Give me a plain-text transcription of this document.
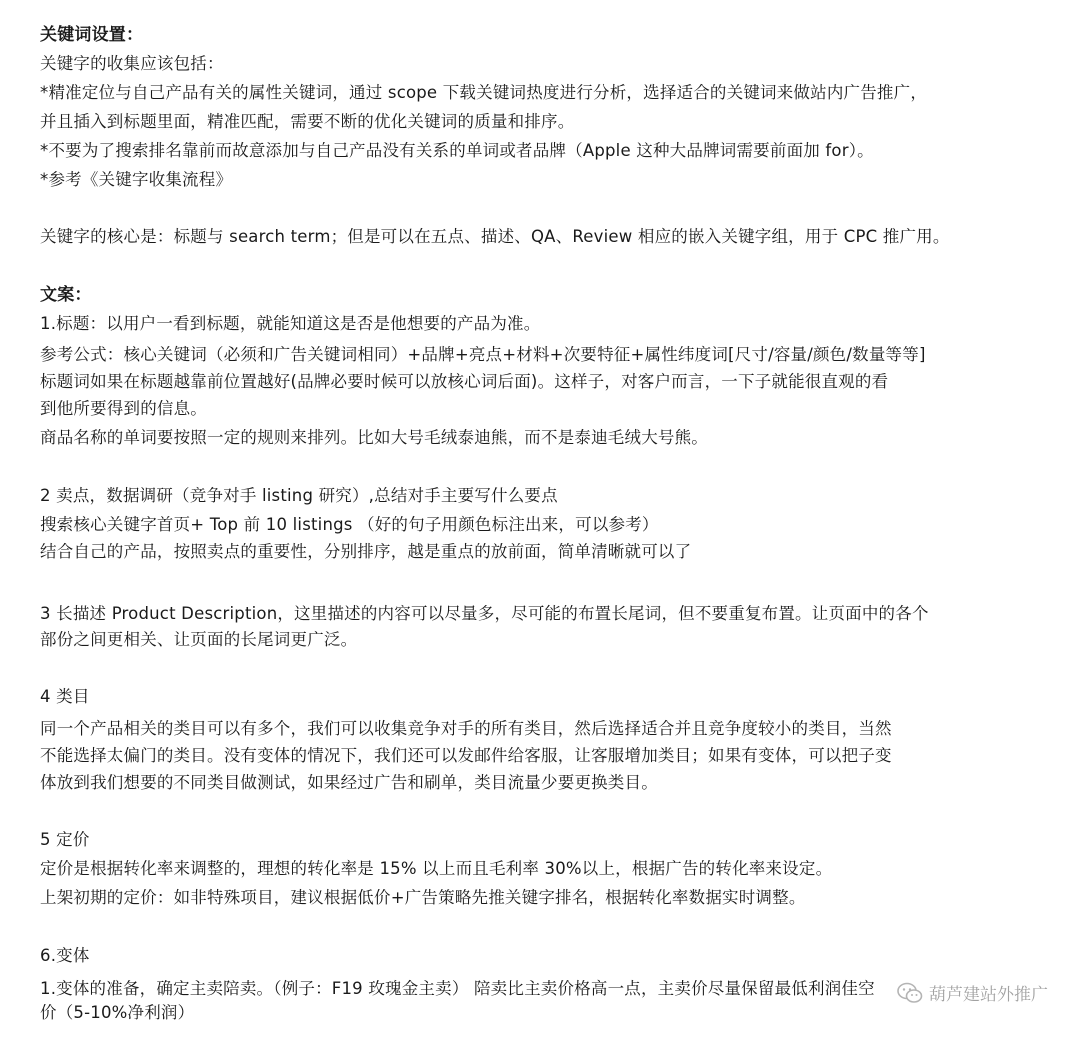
关键词设置：

关键字的收集应该包括：

*精准定位与自己产品有关的属性关键词，通过 scope 下载关键词热度进行分析，选择适合的关键词来做站内广告推广，

并且插入到标题里面，精准匹配，需要不断的优化关键词的质量和排序。

*不要为了搜索排名靠前而故意添加与自己产品没有关系的单词或者品牌（Apple 这种大品牌词需要前面加 for）。

*参考《关键字收集流程》

关键字的核心是：标题与 search term；但是可以在五点、描述、QA、Review 相应的嵌入关键字组，用于 CPC 推广用。

文案：

1.标题：以用户一看到标题，就能知道这是否是他想要的产品为准。

参考公式：核心关键词（必须和广告关键词相同）+品牌+亮点+材料+次要特征+属性纬度词[尺寸/容量/颜色/数量等等]

标题词如果在标题越靠前位置越好(品牌必要时候可以放核心词后面)。这样子，对客户而言，一下子就能很直观的看

到他所要得到的信息。

商品名称的单词要按照一定的规则来排列。比如大号毛绒泰迪熊，而不是泰迪毛绒大号熊。

2 卖点，数据调研（竞争对手 listing 研究）,总结对手主要写什么要点

搜索核心关键字首页+ Top 前 10 listings （好的句子用颜色标注出来，可以参考）

结合自己的产品，按照卖点的重要性，分别排序，越是重点的放前面，简单清晰就可以了

3 长描述 Product Description，这里描述的内容可以尽量多，尽可能的布置长尾词，但不要重复布置。让页面中的各个

部份之间更相关、让页面的长尾词更广泛。

4 类目

同一个产品相关的类目可以有多个，我们可以收集竞争对手的所有类目，然后选择适合并且竞争度较小的类目，当然

不能选择太偏门的类目。没有变体的情况下，我们还可以发邮件给客服，让客服增加类目；如果有变体，可以把子变

体放到我们想要的不同类目做测试，如果经过广告和刷单，类目流量少要更换类目。

5 定价

定价是根据转化率来调整的，理想的转化率是 15% 以上而且毛利率 30%以上，根据广告的转化率来设定。

上架初期的定价：如非特殊项目，建议根据低价+广告策略先推关键字排名，根据转化率数据实时调整。

6.变体

1.变体的准备，确定主卖陪卖。（例子：F19 玫瑰金主卖） 陪卖比主卖价格高一点，主卖价尽量保留最低利润佳空

价（5-10%净利润）

葫芦建站外推广
